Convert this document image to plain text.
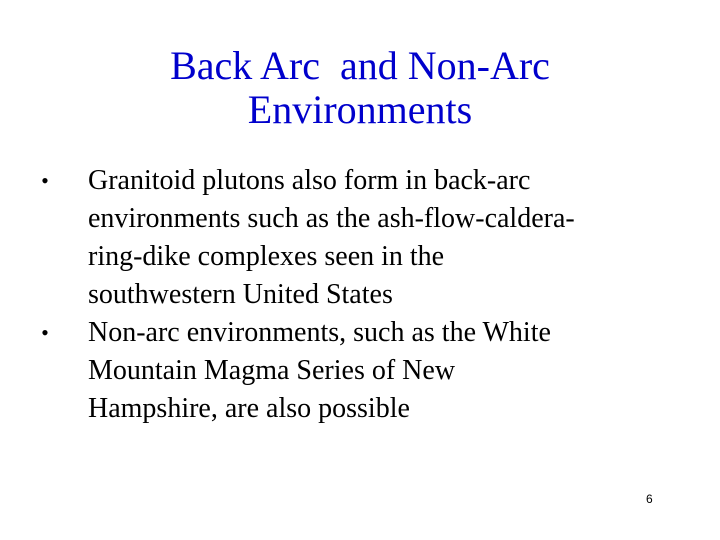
Back Arc  and Non-Arc
Environments
•	Granitoid plutons also form in back-arc
environments such as the ash-flow-caldera-
ring-dike complexes seen in the
southwestern United States
•	Non-arc environments, such as the White
Mountain Magma Series of New
Hampshire, are also possible
6
